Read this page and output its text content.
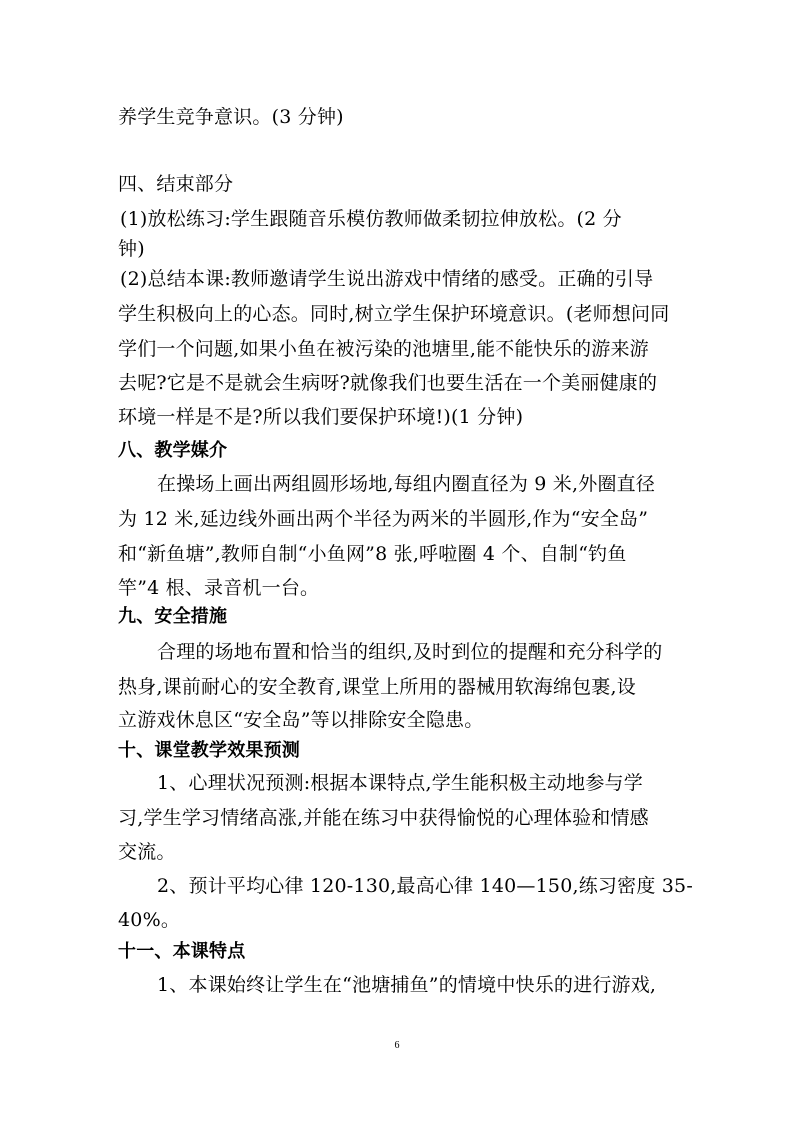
养学生竞争意识。(3 分钟)
四、结束部分
(1)放松练习:学生跟随音乐模仿教师做柔韧拉伸放松。(2 分
钟)
(2)总结本课:教师邀请学生说出游戏中情绪的感受。正确的引导
学生积极向上的心态。同时,树立学生保护环境意识。(老师想问同
学们一个问题,如果小鱼在被污染的池塘里,能不能快乐的游来游
去呢?它是不是就会生病呀?就像我们也要生活在一个美丽健康的
环境一样是不是?所以我们要保护环境!)(1 分钟)
八、教学媒介
在操场上画出两组圆形场地,每组内圈直径为 9 米,外圈直径
为 12 米,延边线外画出两个半径为两米的半圆形,作为“安全岛”
和“新鱼塘”,教师自制“小鱼网”8 张,呼啦圈 4 个、自制“钓鱼
竿”4 根、录音机一台。
九、安全措施
合理的场地布置和恰当的组织,及时到位的提醒和充分科学的
热身,课前耐心的安全教育,课堂上所用的器械用软海绵包裹,设
立游戏休息区“安全岛”等以排除安全隐患。
十、课堂教学效果预测
1、心理状况预测:根据本课特点,学生能积极主动地参与学
习,学生学习情绪高涨,并能在练习中获得愉悦的心理体验和情感
交流。
2、预计平均心律 120-130,最高心律 140—150,练习密度 35-
40%。
十一、本课特点
1、本课始终让学生在“池塘捕鱼”的情境中快乐的进行游戏,
6
